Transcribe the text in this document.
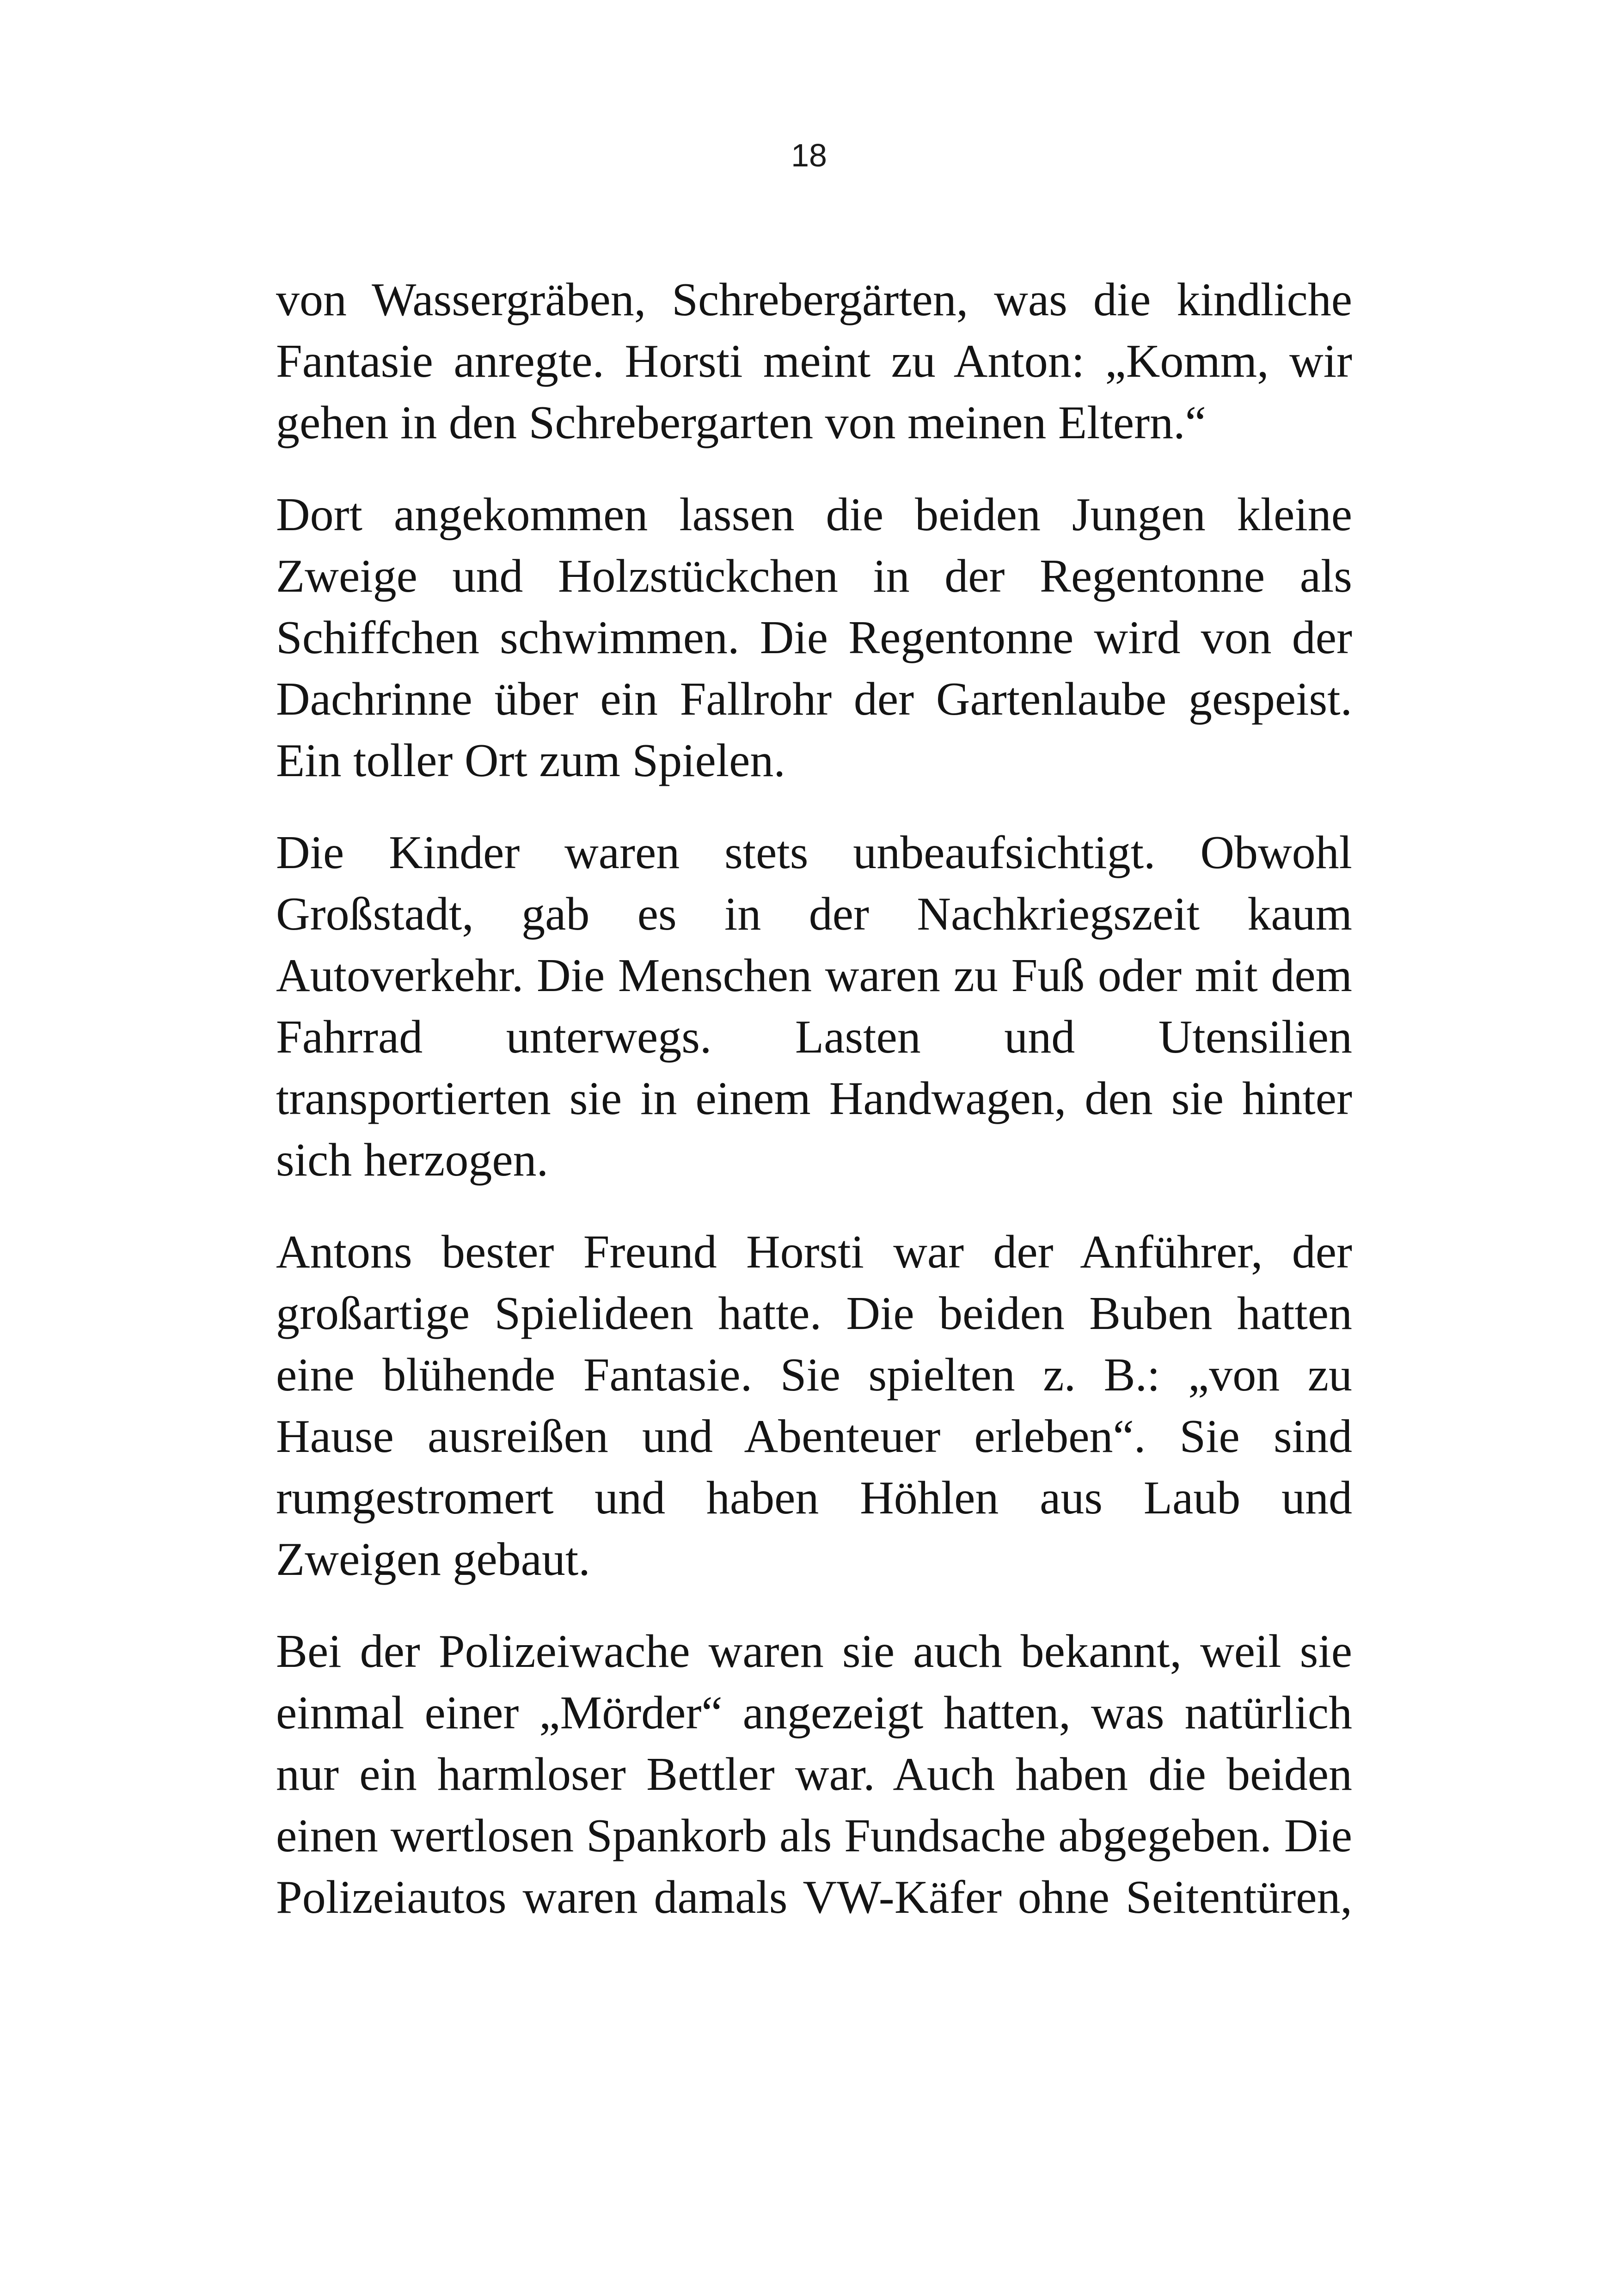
18

von Wassergräben, Schrebergärten, was die kindliche Fantasie anregte. Horsti meint zu Anton: „Komm, wir gehen in den Schrebergarten von meinen Eltern.“

Dort angekommen lassen die beiden Jungen kleine Zweige und Holzstückchen in der Regentonne als Schiffchen schwimmen. Die Regentonne wird von der Dachrinne über ein Fallrohr der Gartenlaube gespeist. Ein toller Ort zum Spielen.

Die Kinder waren stets unbeaufsichtigt. Obwohl Großstadt, gab es in der Nachkriegszeit kaum Autoverkehr. Die Menschen waren zu Fuß oder mit dem Fahrrad unterwegs. Lasten und Utensilien transportierten sie in einem Handwagen, den sie hinter sich herzogen.

Antons bester Freund Horsti war der Anführer, der großartige Spielideen hatte. Die beiden Buben hatten eine blühende Fantasie. Sie spielten z. B.: „von zu Hause ausreißen und Abenteuer erleben“. Sie sind rumgestromert und haben Höhlen aus Laub und Zweigen gebaut.

Bei der Polizeiwache waren sie auch bekannt, weil sie einmal einer „Mörder“ angezeigt hatten, was natürlich nur ein harmloser Bettler war. Auch haben die beiden einen wertlosen Spankorb als Fundsache abgegeben. Die Polizeiautos waren damals VW-Käfer ohne Seitentüren,
